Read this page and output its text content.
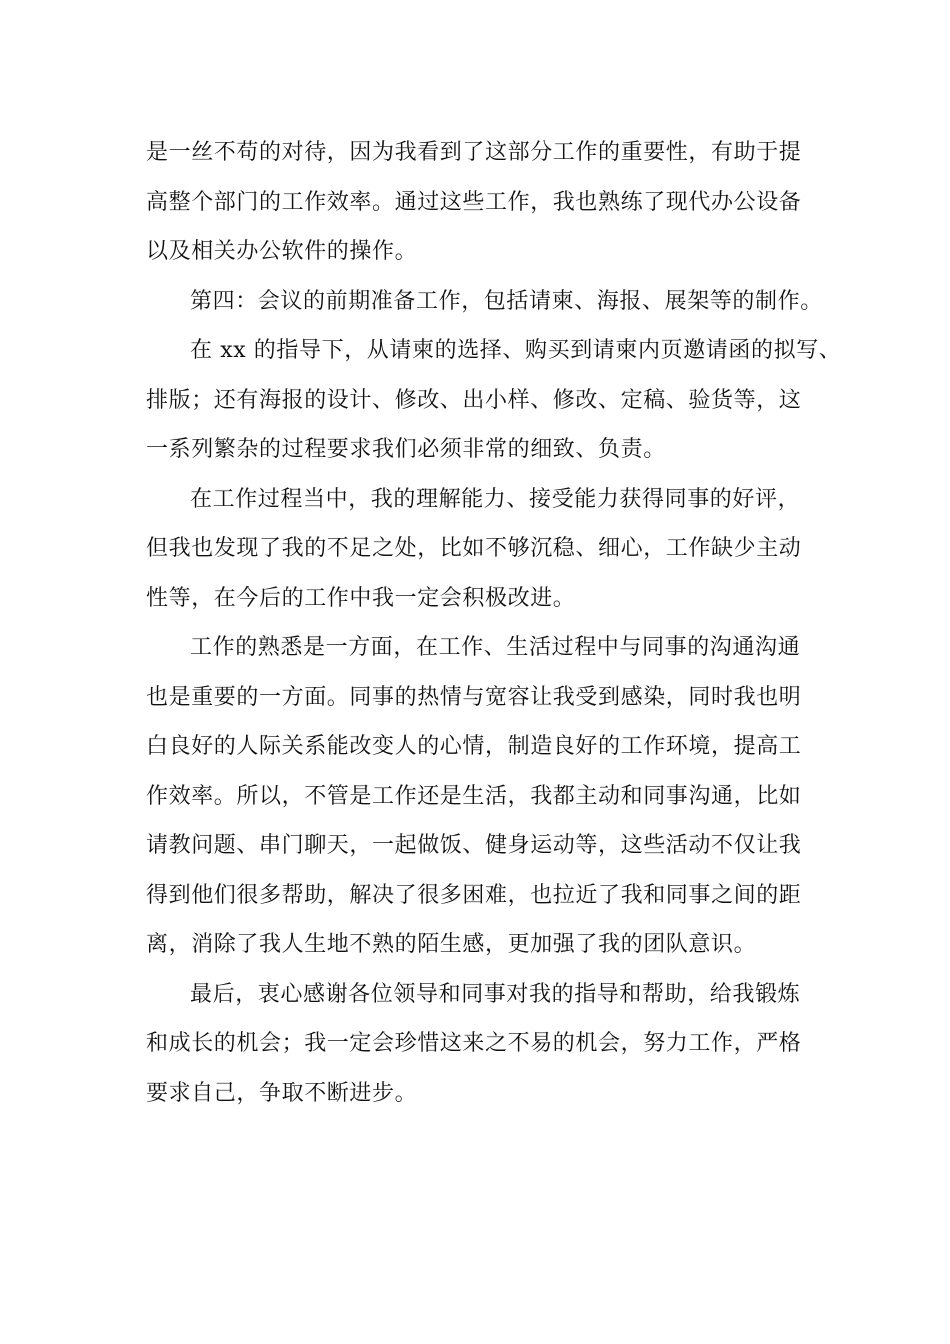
是一丝不苟的对待，因为我看到了这部分工作的重要性，有助于提
高整个部门的工作效率。通过这些工作，我也熟练了现代办公设备
以及相关办公软件的操作。
第四：会议的前期准备工作，包括请柬、海报、展架等的制作。
在 xx 的指导下，从请柬的选择、购买到请柬内页邀请函的拟写、
排版；还有海报的设计、修改、出小样、修改、定稿、验货等，这
一系列繁杂的过程要求我们必须非常的细致、负责。
在工作过程当中，我的理解能力、接受能力获得同事的好评，
但我也发现了我的不足之处，比如不够沉稳、细心，工作缺少主动
性等，在今后的工作中我一定会积极改进。
工作的熟悉是一方面，在工作、生活过程中与同事的沟通沟通
也是重要的一方面。同事的热情与宽容让我受到感染，同时我也明
白良好的人际关系能改变人的心情，制造良好的工作环境，提高工
作效率。所以，不管是工作还是生活，我都主动和同事沟通，比如
请教问题、串门聊天，一起做饭、健身运动等，这些活动不仅让我
得到他们很多帮助，解决了很多困难，也拉近了我和同事之间的距
离，消除了我人生地不熟的陌生感，更加强了我的团队意识。
最后，衷心感谢各位领导和同事对我的指导和帮助，给我锻炼
和成长的机会；我一定会珍惜这来之不易的机会，努力工作，严格
要求自己，争取不断进步。
